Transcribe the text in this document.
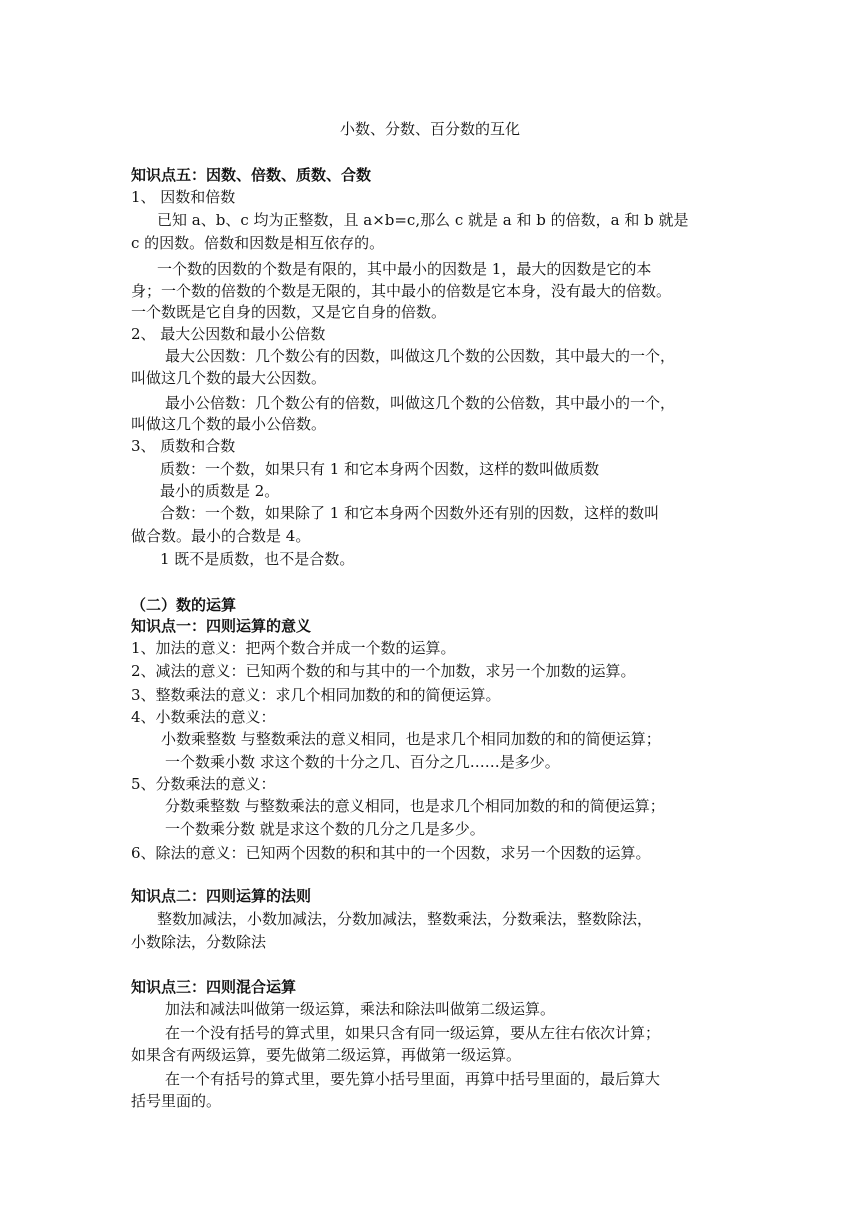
小数、分数、百分数的互化
知识点五：因数、倍数、质数、合数
1、 因数和倍数
已知 a、b、c 均为正整数，且 a×b=c,那么 c 就是 a 和 b 的倍数，a 和 b 就是
c 的因数。倍数和因数是相互依存的。
一个数的因数的个数是有限的，其中最小的因数是 1，最大的因数是它的本
身；一个数的倍数的个数是无限的，其中最小的倍数是它本身，没有最大的倍数。
一个数既是它自身的因数，又是它自身的倍数。
2、 最大公因数和最小公倍数
最大公因数：几个数公有的因数，叫做这几个数的公因数，其中最大的一个，
叫做这几个数的最大公因数。
最小公倍数：几个数公有的倍数，叫做这几个数的公倍数，其中最小的一个，
叫做这几个数的最小公倍数。
3、 质数和合数
质数：一个数，如果只有 1 和它本身两个因数，这样的数叫做质数
最小的质数是 2。
合数：一个数，如果除了 1 和它本身两个因数外还有别的因数，这样的数叫
做合数。最小的合数是 4。
1 既不是质数，也不是合数。
（二）数的运算
知识点一：四则运算的意义
1、加法的意义：把两个数合并成一个数的运算。
2、减法的意义：已知两个数的和与其中的一个加数，求另一个加数的运算。
3、整数乘法的意义：求几个相同加数的和的简便运算。
4、小数乘法的意义：
小数乘整数 与整数乘法的意义相同，也是求几个相同加数的和的简便运算；
一个数乘小数 求这个数的十分之几、百分之几……是多少。
5、分数乘法的意义：
分数乘整数 与整数乘法的意义相同，也是求几个相同加数的和的简便运算；
一个数乘分数 就是求这个数的几分之几是多少。
6、除法的意义：已知两个因数的积和其中的一个因数，求另一个因数的运算。
知识点二：四则运算的法则
整数加减法，小数加减法，分数加减法，整数乘法，分数乘法，整数除法，
小数除法，分数除法
知识点三：四则混合运算
加法和减法叫做第一级运算，乘法和除法叫做第二级运算。
在一个没有括号的算式里，如果只含有同一级运算，要从左往右依次计算；
如果含有两级运算，要先做第二级运算，再做第一级运算。
在一个有括号的算式里，要先算小括号里面，再算中括号里面的，最后算大
括号里面的。
